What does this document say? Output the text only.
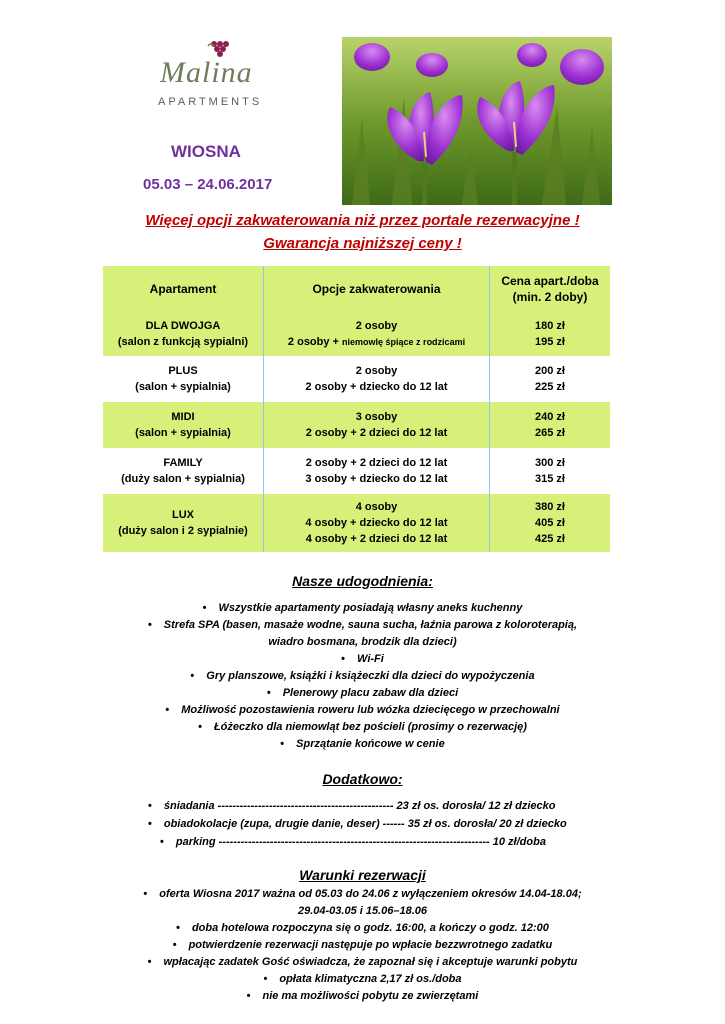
Malina
APARTMENTS
WIOSNA
05.03 – 24.06.2017
Więcej opcji zakwaterowania niż przez portale rezerwacyjne !
Gwarancja najniższej ceny !
Apartament	Opcje zakwaterowania
Cena apart./doba
(min. 2 doby)
DLA DWOJGA
(salon z funkcją sypialni)
2 osoby
2 osoby + niemowlę śpiące z rodzicami
180 zł
195 zł
PLUS
(salon + sypialnia)
2 osoby
2 osoby + dziecko do 12 lat
200 zł
225 zł
MIDI
(salon + sypialnia)
3 osoby
2 osoby + 2 dzieci do 12 lat
240 zł
265 zł
FAMILY
(duży salon + sypialnia)
2 osoby + 2 dzieci do 12 lat
3 osoby + dziecko do 12 lat
300 zł
315 zł
LUX
(duży salon i 2 sypialnie)
4 osoby
4 osoby + dziecko do 12 lat
4 osoby + 2 dzieci do 12 lat
380 zł
405 zł
425 zł
Nasze udogodnienia:
• Wszystkie apartamenty posiadają własny aneks kuchenny
• Strefa SPA (basen, masaże wodne, sauna sucha, łaźnia parowa z koloroterapią,
wiadro bosmana, brodzik dla dzieci)
• Wi-Fi
• Gry planszowe, książki i książeczki dla dzieci do wypożyczenia
• Plenerowy placu zabaw dla dzieci
• Możliwość pozostawienia roweru lub wózka dziecięcego w przechowalni
• Łóżeczko dla niemowląt bez pościeli (prosimy o rezerwację)
• Sprzątanie końcowe w cenie
Dodatkowo:
• śniadania ------------------------------------------------ 23 zł os. dorosła/ 12 zł dziecko
• obiadokolacje (zupa, drugie danie, deser) ------ 35 zł os. dorosła/ 20 zł dziecko
• parking -------------------------------------------------------------------------- 10 zł/doba
Warunki rezerwacji
• oferta Wiosna 2017 ważna od 05.03 do 24.06 z wyłączeniem okresów 14.04-18.04;
29.04-03.05 i 15.06–18.06
• doba hotelowa rozpoczyna się o godz. 16:00, a kończy o godz. 12:00
• potwierdzenie rezerwacji następuje po wpłacie bezzwrotnego zadatku
• wpłacając zadatek Gość oświadcza, że zapoznał się i akceptuje warunki pobytu
• opłata klimatyczna 2,17 zł os./doba
• nie ma możliwości pobytu ze zwierzętami
